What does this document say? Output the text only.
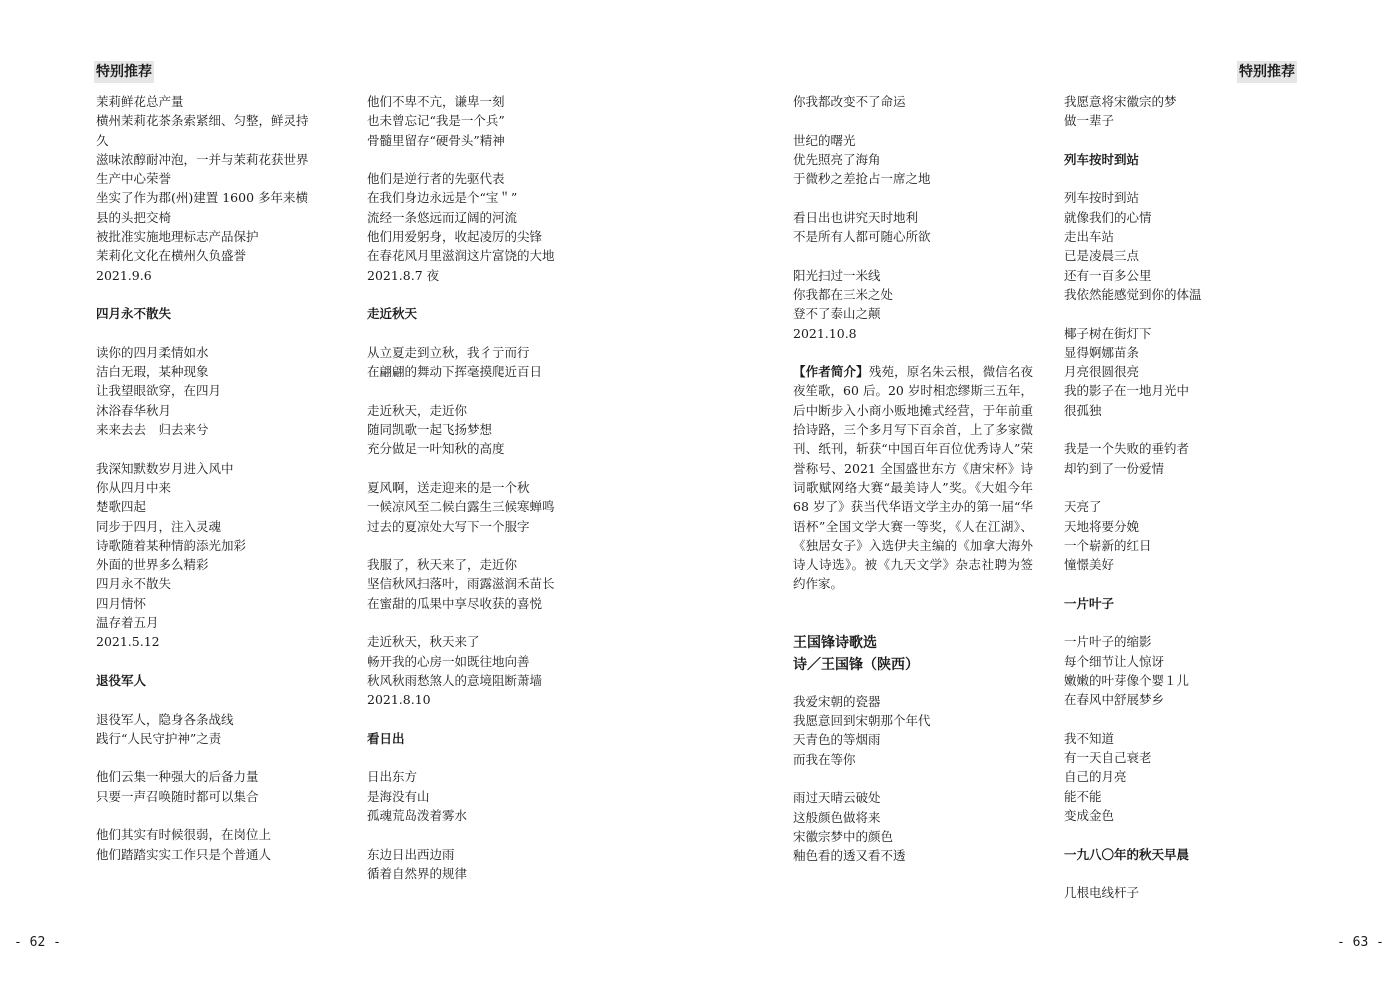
特别推荐

茉莉鲜花总产量

横州茉莉花茶条索紧细、匀整，鲜灵持

久

滋味浓醇耐冲泡，一并与茉莉花获世界

生产中心荣誉

坐实了作为郡(州)建置 1600 多年来横

县的头把交椅

被批准实施地理标志产品保护

茉莉化文化在横州久负盛誉

2021.9.6

四月永不散失

读你的四月柔情如水

洁白无瑕，某种现象

让我望眼欲穿，在四月

沐浴春华秋月

来来去去　归去来兮

我深知默数岁月进入风中

你从四月中来

楚歌四起

同步于四月，注入灵魂

诗歌随着某种情韵添光加彩

外面的世界多么精彩

四月永不散失

四月情怀

温存着五月

2021.5.12

退役军人

退役军人，隐身各条战线

践行“人民守护神”之责

他们云集一种强大的后备力量

只要一声召唤随时都可以集合

他们其实有时候很弱，在岗位上

他们踏踏实实工作只是个普通人

他们不卑不亢，谦卑一刻

也未曾忘记“我是一个兵”

骨髓里留存“硬骨头”精神

他们是逆行者的先驱代表

在我们身边永远是个“宝＂”

流经一条悠远而辽阔的河流

他们用爱躬身，收起凌厉的尖锋

在春花风月里滋润这片富饶的大地

2021.8.7 夜

走近秋天

从立夏走到立秋，我彳亍而行

在翩翩的舞动下挥毫摸爬近百日

走近秋天，走近你

随同凯歌一起飞扬梦想

充分做足一叶知秋的高度

夏风啊，送走迎来的是一个秋

一候凉风至二候白露生三候寒蝉鸣

过去的夏凉处大写下一个服字

我服了，秋天来了，走近你

坚信秋风扫落叶，雨露滋润禾苗长

在蜜甜的瓜果中享尽收获的喜悦

走近秋天，秋天来了

畅开我的心房一如既往地向善

秋风秋雨愁煞人的意境阻断萧墙

2021.8.10

看日出

日出东方

是海没有山

孤魂荒岛泼着雾水

东边日出西边雨

循着自然界的规律

- 62 -
特别推荐

你我都改变不了命运

世纪的曙光

优先照亮了海角

于微秒之差抢占一席之地

看日出也讲究天时地利

不是所有人都可随心所欲

阳光扫过一米线

你我都在三米之处

登不了泰山之颠

2021.10.8

【作者简介】残苑，原名朱云根，微信名夜夜笙歌，60 后。20 岁时相恋缪斯三五年，后中断步入小商小贩地摊式经营，于年前重拾诗路，三个多月写下百余首，上了多家微刊、纸刊，斩获“中国百年百位优秀诗人”荣誉称号、2021 全国盛世东方《唐宋杯》诗词歌赋网络大赛“最美诗人”奖。《大姐今年 68 岁了》获当代华语文学主办的第一届“华语杯”全国文学大赛一等奖，《人在江湖》、《独居女子》入选伊夫主编的《加拿大海外诗人诗选》。被《九天文学》杂志社聘为签约作家。

王国锋诗歌选

诗／王国锋（陕西）

我爱宋朝的瓷器

我愿意回到宋朝那个年代

天青色的等烟雨

而我在等你

雨过天晴云破处

这般颜色做将来

宋徽宗梦中的颜色

釉色看的透又看不透

我愿意将宋徽宗的梦

做一辈子

列车按时到站

列车按时到站

就像我们的心情

走出车站

已是凌晨三点

还有一百多公里

我依然能感觉到你的体温

椰子树在街灯下

显得婀娜苗条

月亮很圆很亮

我的影子在一地月光中

很孤独

我是一个失败的垂钓者

却钓到了一份爱情

天亮了

天地将要分娩

一个崭新的红日

憧憬美好

一片叶子

一片叶子的缩影

每个细节让人惊讶

嫩嫩的叶芽像个婴１儿

在春风中舒展梦乡

我不知道

有一天自己衰老

自己的月亮

能不能

变成金色

一九八〇年的秋天早晨

几根电线杆子

- 63 -
